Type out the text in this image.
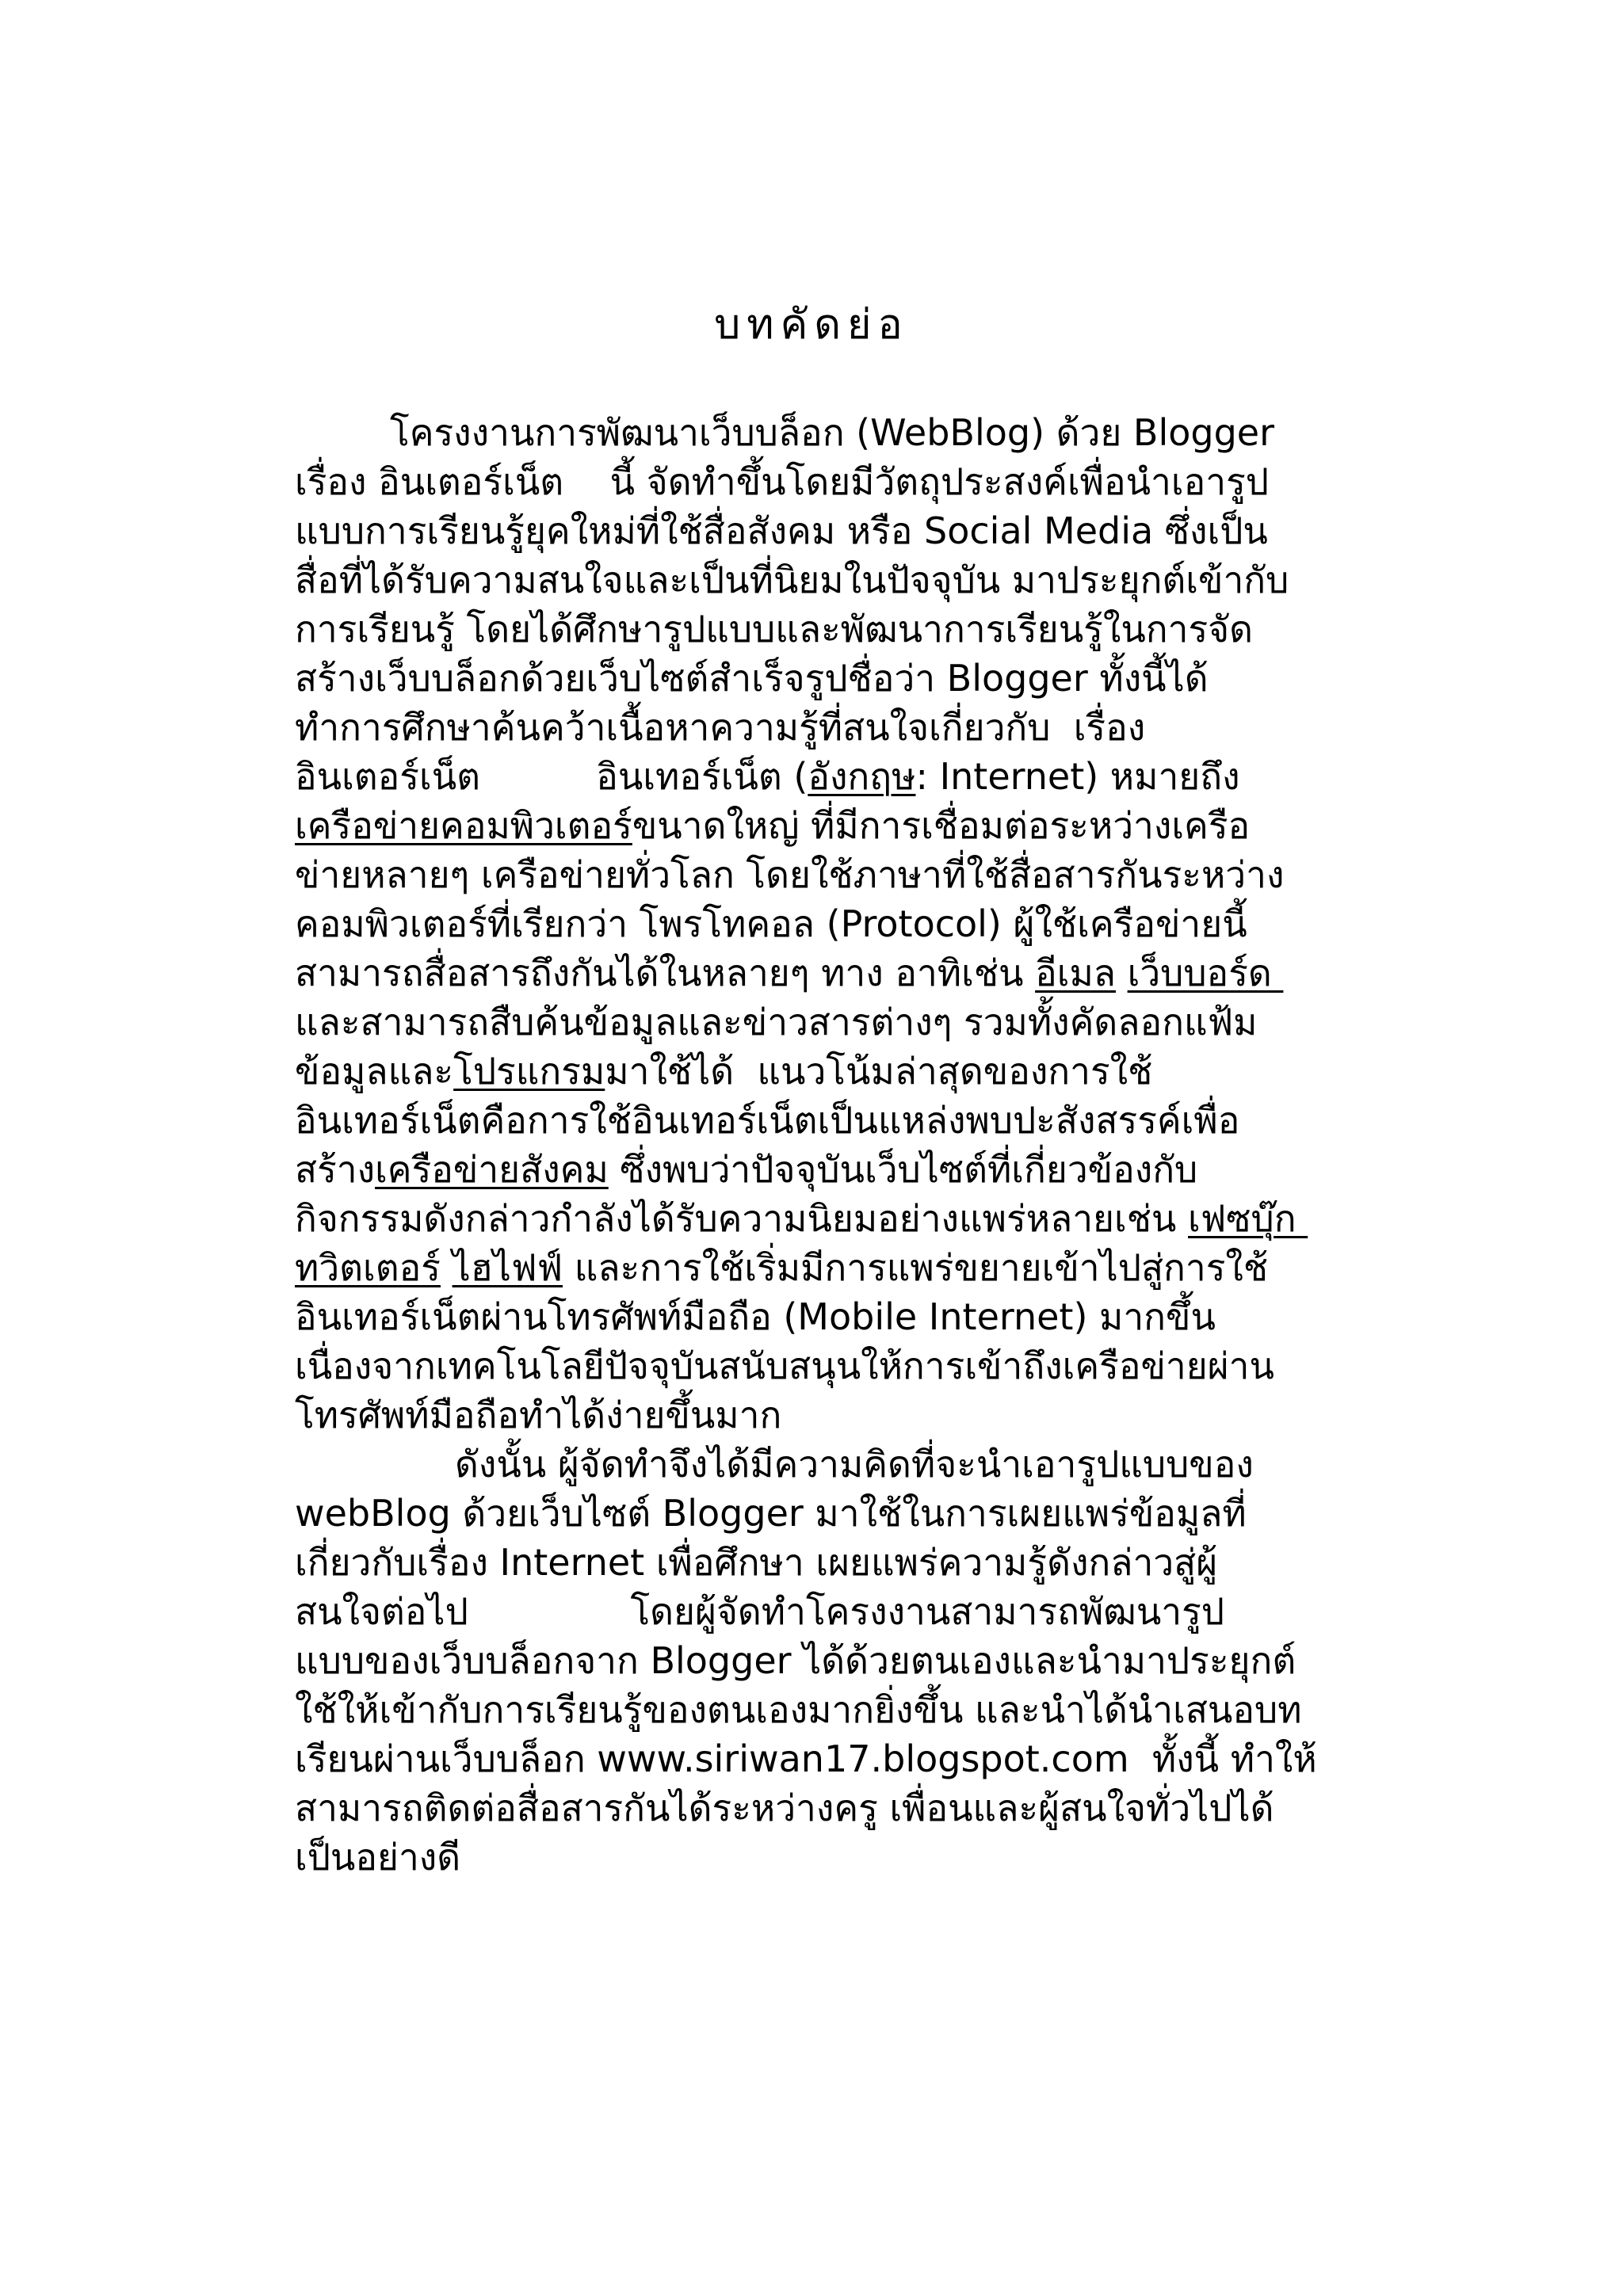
บทคัดย่อ
โครงงานการพัฒนาเว็บบล็อก (WebBlog) ด้วย Blogger
เรื่อง อินเตอร์เน็ต    นี้ จัดทำขึ้นโดยมีวัตถุประสงค์เพื่อนำเอารูป
แบบการเรียนรู้ยุคใหม่ที่ใช้สื่อสังคม หรือ Social Media ซึ่งเป็น
สื่อที่ได้รับความสนใจและเป็นที่นิยมในปัจจุบัน มาประยุกต์เข้ากับ
การเรียนรู้ โดยได้ศึกษารูปแบบและพัฒนาการเรียนรู้ในการจัด
สร้างเว็บบล็อกด้วยเว็บไซต์สำเร็จรูปชื่อว่า Blogger ทั้งนี้ได้
ทำการศึกษาค้นคว้าเนื้อหาความรู้ที่สนใจเกี่ยวกับ  เรื่อง
อินเตอร์เน็ต          อินเทอร์เน็ต (อังกฤษ: Internet) หมายถึง
เครือข่ายคอมพิวเตอร์ขนาดใหญ่ ที่มีการเชื่อมต่อระหว่างเครือ
ข่ายหลายๆ เครือข่ายทั่วโลก โดยใช้ภาษาที่ใช้สื่อสารกันระหว่าง
คอมพิวเตอร์ที่เรียกว่า โพรโทคอล (Protocol) ผู้ใช้เครือข่ายนี้
สามารถสื่อสารถึงกันได้ในหลายๆ ทาง อาทิเช่น อีเมล เว็บบอร์ด
และสามารถสืบค้นข้อมูลและข่าวสารต่างๆ รวมทั้งคัดลอกแฟ้ม
ข้อมูลและโปรแกรมมาใช้ได้  แนวโน้มล่าสุดของการใช้
อินเทอร์เน็ตคือการใช้อินเทอร์เน็ตเป็นแหล่งพบปะสังสรรค์เพื่อ
สร้างเครือข่ายสังคม ซึ่งพบว่าปัจจุบันเว็บไซต์ที่เกี่ยวข้องกับ
กิจกรรมดังกล่าวกำลังได้รับความนิยมอย่างแพร่หลายเช่น เฟซบุ๊ก
ทวิตเตอร์ ไฮไฟฟ์ และการใช้เริ่มมีการแพร่ขยายเข้าไปสู่การใช้
อินเทอร์เน็ตผ่านโทรศัพท์มือถือ (Mobile Internet) มากขึ้น
เนื่องจากเทคโนโลยีปัจจุบันสนับสนุนให้การเข้าถึงเครือข่ายผ่าน
โทรศัพท์มือถือทำได้ง่ายขึ้นมาก
ดังนั้น ผู้จัดทำจึงได้มีความคิดที่จะนำเอารูปแบบของ
webBlog ด้วยเว็บไซต์ Blogger มาใช้ในการเผยแพร่ข้อมูลที่
เกี่ยวกับเรื่อง Internet เพื่อศึกษา เผยแพร่ความรู้ดังกล่าวสู่ผู้
สนใจต่อไป              โดยผู้จัดทำโครงงานสามารถพัฒนารูป
แบบของเว็บบล็อกจาก Blogger ได้ด้วยตนเองและนำมาประยุกต์
ใช้ให้เข้ากับการเรียนรู้ของตนเองมากยิ่งขึ้น และนำได้นำเสนอบท
เรียนผ่านเว็บบล็อก www.siriwan17.blogspot.com  ทั้งนี้ ทำให้
สามารถติดต่อสื่อสารกันได้ระหว่างครู เพื่อนและผู้สนใจทั่วไปได้
เป็นอย่างดี
